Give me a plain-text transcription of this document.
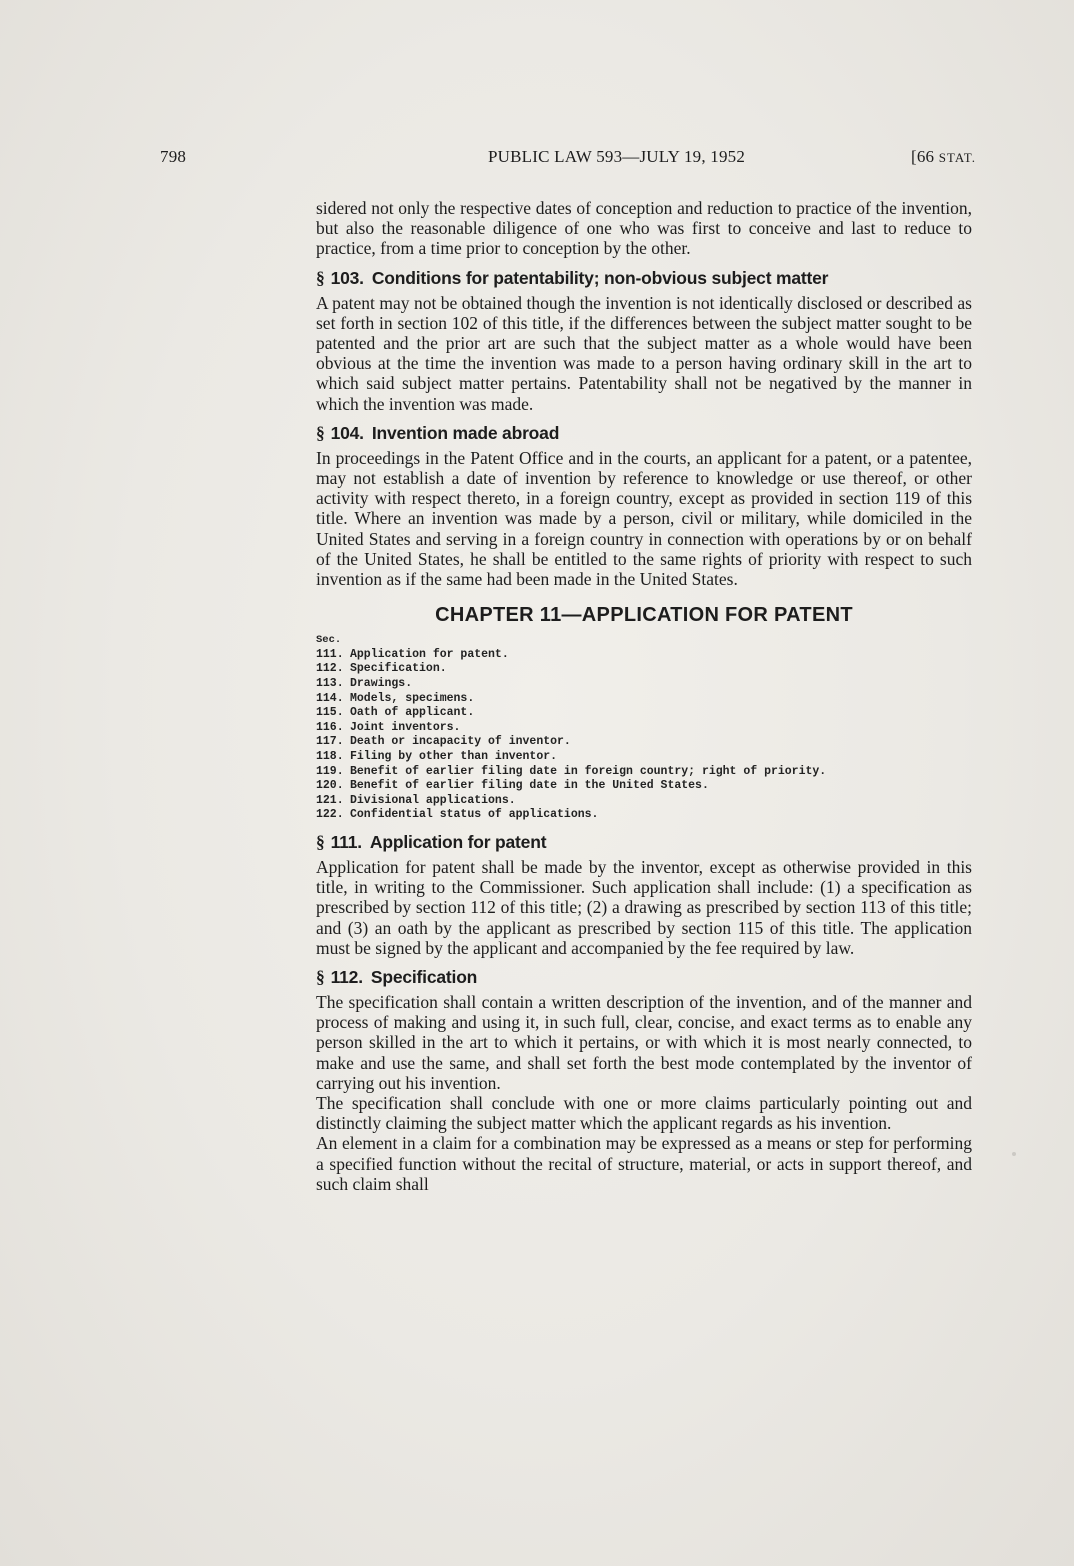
798	PUBLIC LAW 593—JULY 19, 1952	[66 STAT.

sidered not only the respective dates of conception and reduction to practice of the invention, but also the reasonable diligence of one who was first to conceive and last to reduce to practice, from a time prior to conception by the other.

§ 103. Conditions for patentability; non-obvious subject matter

A patent may not be obtained though the invention is not identically disclosed or described as set forth in section 102 of this title, if the differences between the subject matter sought to be patented and the prior art are such that the subject matter as a whole would have been obvious at the time the invention was made to a person having ordinary skill in the art to which said subject matter pertains. Patentability shall not be negatived by the manner in which the invention was made.

§ 104. Invention made abroad

In proceedings in the Patent Office and in the courts, an applicant for a patent, or a patentee, may not establish a date of invention by reference to knowledge or use thereof, or other activity with respect thereto, in a foreign country, except as provided in section 119 of this title. Where an invention was made by a person, civil or military, while domiciled in the United States and serving in a foreign country in connection with operations by or on behalf of the United States, he shall be entitled to the same rights of priority with respect to such invention as if the same had been made in the United States.

CHAPTER 11—APPLICATION FOR PATENT
Sec.
111. Application for patent.
112. Specification.
113. Drawings.
114. Models, specimens.
115. Oath of applicant.
116. Joint inventors.
117. Death or incapacity of inventor.
118. Filing by other than inventor.
119. Benefit of earlier filing date in foreign country; right of priority.
120. Benefit of earlier filing date in the United States.
121. Divisional applications.
122. Confidential status of applications.
§ 111. Application for patent

Application for patent shall be made by the inventor, except as otherwise provided in this title, in writing to the Commissioner. Such application shall include: (1) a specification as prescribed by section 112 of this title; (2) a drawing as prescribed by section 113 of this title; and (3) an oath by the applicant as prescribed by section 115 of this title. The application must be signed by the applicant and accompanied by the fee required by law.

§ 112. Specification

The specification shall contain a written description of the invention, and of the manner and process of making and using it, in such full, clear, concise, and exact terms as to enable any person skilled in the art to which it pertains, or with which it is most nearly connected, to make and use the same, and shall set forth the best mode contemplated by the inventor of carrying out his invention.

The specification shall conclude with one or more claims particularly pointing out and distinctly claiming the subject matter which the applicant regards as his invention.

An element in a claim for a combination may be expressed as a means or step for performing a specified function without the recital of structure, material, or acts in support thereof, and such claim shall
